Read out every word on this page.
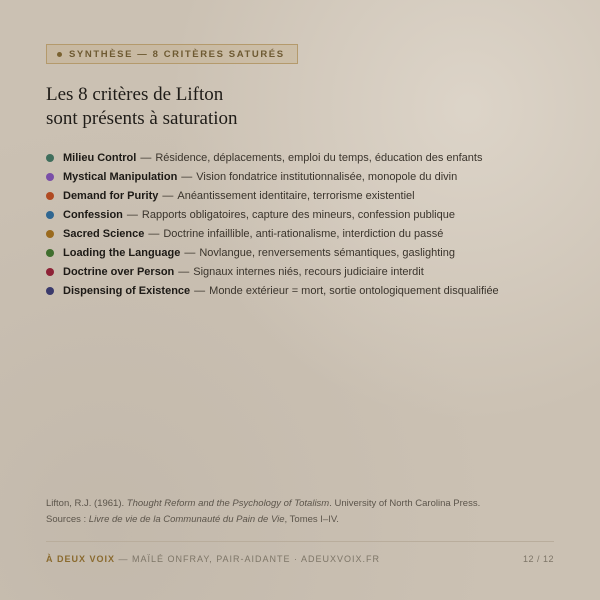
SYNTHÈSE — 8 CRITÈRES SATURÉS
Les 8 critères de Lifton
sont présents à saturation
Milieu Control — Résidence, déplacements, emploi du temps, éducation des enfants
Mystical Manipulation — Vision fondatrice institutionnalisée, monopole du divin
Demand for Purity — Anéantissement identitaire, terrorisme existentiel
Confession — Rapports obligatoires, capture des mineurs, confession publique
Sacred Science — Doctrine infaillible, anti-rationalisme, interdiction du passé
Loading the Language — Novlangue, renversements sémantiques, gaslighting
Doctrine over Person — Signaux internes niés, recours judiciaire interdit
Dispensing of Existence — Monde extérieur = mort, sortie ontologiquement disqualifiée

Lifton, R.J. (1961). Thought Reform and the Psychology of Totalism. University of North Carolina Press.

Sources : Livre de vie de la Communauté du Pain de Vie, Tomes I–IV.

À DEUX VOIX — MAÏLÉ ONFRAY, PAIR-AIDANTE · ADEUXVOIX.FR	12 / 12
